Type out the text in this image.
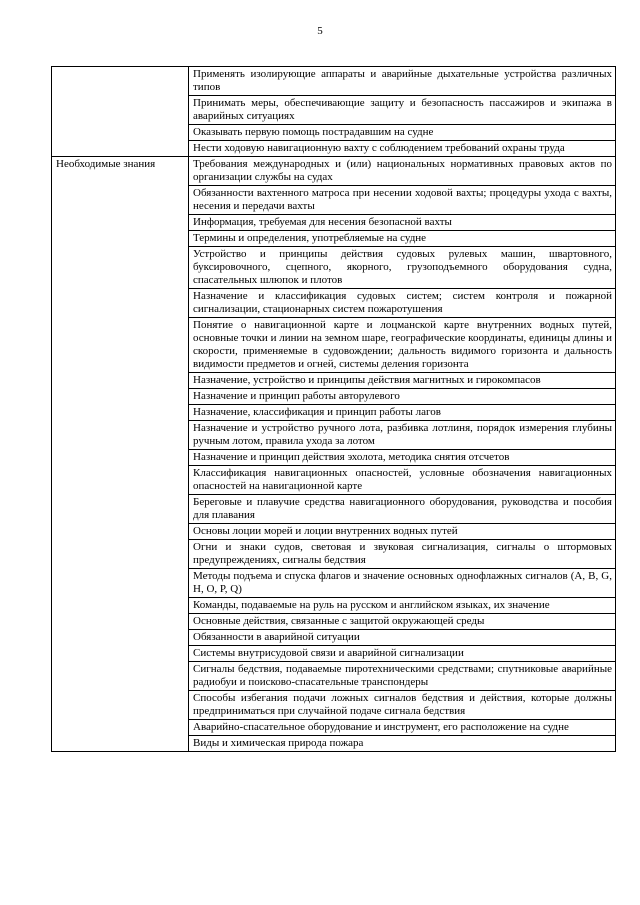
5
	Применять изолирующие аппараты и аварийные дыхательные устройства различных типов
	Принимать меры, обеспечивающие защиту и безопасность пассажиров и экипажа в аварийных ситуациях
	Оказывать первую помощь пострадавшим на судне
	Нести ходовую навигационную вахту с соблюдением требований охраны труда
Необходимые знания	Требования международных и (или) национальных нормативных правовых актов по организации службы на судах
	Обязанности вахтенного матроса при несении ходовой вахты; процедуры ухода с вахты, несения и передачи вахты
	Информация, требуемая для несения безопасной вахты
	Термины и определения, употребляемые на судне
	Устройство и принципы действия судовых рулевых машин, швартовного, буксировочного, сцепного, якорного, грузоподъемного оборудования судна, спасательных шлюпок и плотов
	Назначение и классификация судовых систем; систем контроля и пожарной сигнализации, стационарных систем пожаротушения
	Понятие о навигационной карте и лоцманской карте внутренних водных путей, основные точки и линии на земном шаре, географические координаты, единицы длины и скорости, применяемые в судовождении; дальность видимого горизонта и дальность видимости предметов и огней, системы деления горизонта
	Назначение, устройство и принципы действия магнитных и гирокомпасов
	Назначение и принцип работы авторулевого
	Назначение, классификация и принцип работы лагов
	Назначение и устройство ручного лота, разбивка лотлиня, порядок измерения глубины ручным лотом, правила ухода за лотом
	Назначение и принцип действия эхолота, методика снятия отсчетов
	Классификация навигационных опасностей, условные обозначения навигационных опасностей на навигационной карте
	Береговые и плавучие средства навигационного оборудования, руководства и пособия для плавания
	Основы лоции морей и лоции внутренних водных путей
	Огни и знаки судов, световая и звуковая сигнализация, сигналы о штормовых предупреждениях, сигналы бедствия
	Методы подъема и спуска флагов и значение основных однофлажных сигналов (A, B, G, H, O, P, Q)
	Команды, подаваемые на руль на русском и английском языках, их значение
	Основные действия, связанные с защитой окружающей среды
	Обязанности в аварийной ситуации
	Системы внутрисудовой связи и аварийной сигнализации
	Сигналы бедствия, подаваемые пиротехническими средствами; спутниковые аварийные радиобуи и поисково-спасательные транспондеры
	Способы избегания подачи ложных сигналов бедствия и действия, которые должны предприниматься при случайной подаче сигнала бедствия
	Аварийно-спасательное оборудование и инструмент, его расположение на судне
	Виды и химическая природа пожара
